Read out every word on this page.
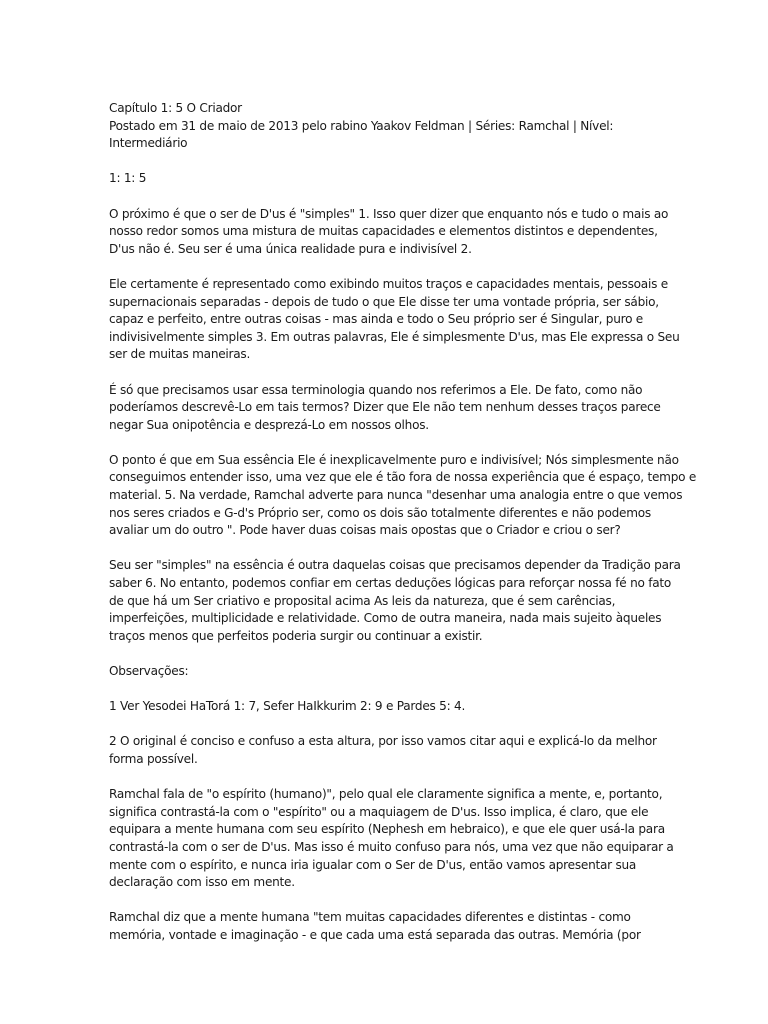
Capítulo 1: 5 O Criador
Postado em 31 de maio de 2013 pelo rabino Yaakov Feldman | Séries: Ramchal | Nível:
Intermediário
1: 1: 5
O próximo é que o ser de D'us é "simples" 1. Isso quer dizer que enquanto nós e tudo o mais ao
nosso redor somos uma mistura de muitas capacidades e elementos distintos e dependentes,
D'us não é. Seu ser é uma única realidade pura e indivisível 2.
Ele certamente é representado como exibindo muitos traços e capacidades mentais, pessoais e
supernacionais separadas - depois de tudo o que Ele disse ter uma vontade própria, ser sábio,
capaz e perfeito, entre outras coisas - mas ainda e todo o Seu próprio ser é Singular, puro e
indivisivelmente simples 3. Em outras palavras, Ele é simplesmente D'us, mas Ele expressa o Seu
ser de muitas maneiras.
É só que precisamos usar essa terminologia quando nos referimos a Ele. De fato, como não
poderíamos descrevê-Lo em tais termos? Dizer que Ele não tem nenhum desses traços parece
negar Sua onipotência e desprezá-Lo em nossos olhos.
O ponto é que em Sua essência Ele é inexplicavelmente puro e indivisível; Nós simplesmente não
conseguimos entender isso, uma vez que ele é tão fora de nossa experiência que é espaço, tempo e
material. 5. Na verdade, Ramchal adverte para nunca "desenhar uma analogia entre o que vemos
nos seres criados e G-d's Próprio ser, como os dois são totalmente diferentes e não podemos
avaliar um do outro ". Pode haver duas coisas mais opostas que o Criador e criou o ser?
Seu ser "simples" na essência é outra daquelas coisas que precisamos depender da Tradição para
saber 6. No entanto, podemos confiar em certas deduções lógicas para reforçar nossa fé no fato
de que há um Ser criativo e proposital acima As leis da natureza, que é sem carências,
imperfeições, multiplicidade e relatividade. Como de outra maneira, nada mais sujeito àqueles
traços menos que perfeitos poderia surgir ou continuar a existir.
Observações:
1 Ver Yesodei HaTorá 1: 7, Sefer HaIkkurim 2: 9 e Pardes 5: 4.
2 O original é conciso e confuso a esta altura, por isso vamos citar aqui e explicá-lo da melhor
forma possível.
Ramchal fala de "o espírito (humano)", pelo qual ele claramente significa a mente, e, portanto,
significa contrastá-la com o "espírito" ou a maquiagem de D'us. Isso implica, é claro, que ele
equipara a mente humana com seu espírito (Nephesh em hebraico), e que ele quer usá-la para
contrastá-la com o ser de D'us. Mas isso é muito confuso para nós, uma vez que não equiparar a
mente com o espírito, e nunca iria igualar com o Ser de D'us, então vamos apresentar sua
declaração com isso em mente.
Ramchal diz que a mente humana "tem muitas capacidades diferentes e distintas - como
memória, vontade e imaginação - e que cada uma está separada das outras. Memória (por
